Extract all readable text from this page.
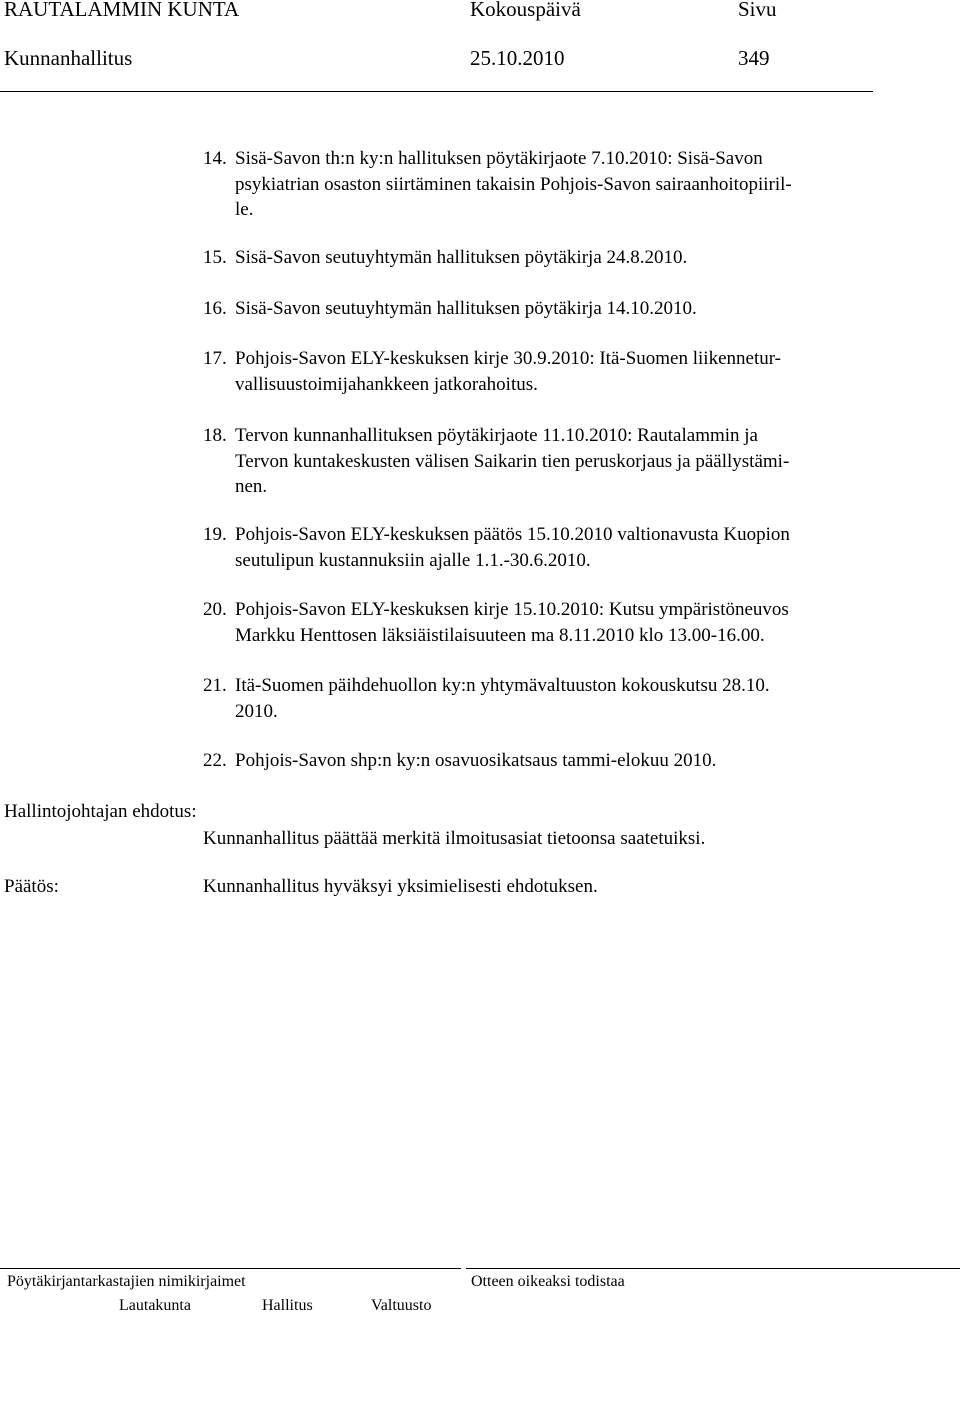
RAUTALAMMIN KUNTA	Kokouspäivä	Sivu
Kunnanhallitus	25.10.2010	349
14. Sisä-Savon th:n ky:n hallituksen pöytäkirjaote 7.10.2010: Sisä-Savon
psykiatrian osaston siirtäminen takaisin Pohjois-Savon sairaanhoitopiiril-
le.
15. Sisä-Savon seutuyhtymän hallituksen pöytäkirja 24.8.2010.
16. Sisä-Savon seutuyhtymän hallituksen pöytäkirja 14.10.2010.
17. Pohjois-Savon ELY-keskuksen kirje 30.9.2010: Itä-Suomen liikennetur-
vallisuustoimijahankkeen jatkorahoitus.
18. Tervon kunnanhallituksen pöytäkirjaote 11.10.2010: Rautalammin ja
Tervon kuntakeskusten välisen Saikarin tien peruskorjaus ja päällystämi-
nen.
19. Pohjois-Savon ELY-keskuksen päätös 15.10.2010 valtionavusta Kuopion
seutulipun kustannuksiin ajalle 1.1.-30.6.2010.
20. Pohjois-Savon ELY-keskuksen kirje 15.10.2010: Kutsu ympäristöneuvos
Markku Henttosen läksiäistilaisuuteen ma 8.11.2010 klo 13.00-16.00.
21. Itä-Suomen päihdehuollon ky:n yhtymävaltuuston kokouskutsu 28.10.
2010.
22. Pohjois-Savon shp:n ky:n osavuosikatsaus tammi-elokuu 2010.
Hallintojohtajan ehdotus:
Kunnanhallitus päättää merkitä ilmoitusasiat tietoonsa saatetuiksi.
Päätös:	Kunnanhallitus hyväksyi yksimielisesti ehdotuksen.
Pöytäkirjantarkastajien nimikirjaimet	Otteen oikeaksi todistaa
Lautakunta	Hallitus	Valtuusto
